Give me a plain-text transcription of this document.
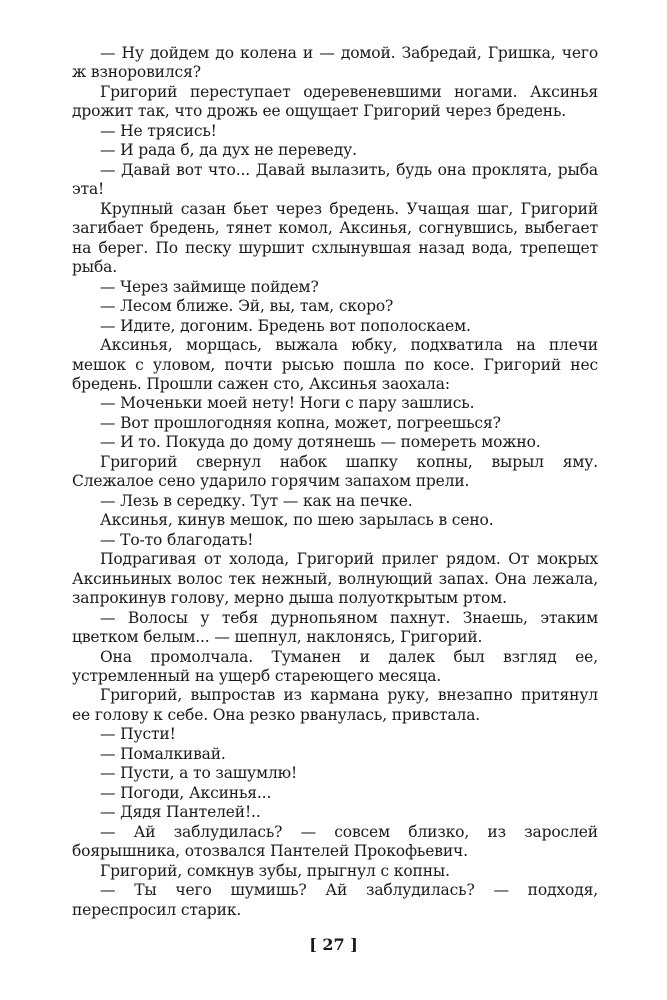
— Ну дойдем до колена и — домой. Забредай, Гришка, чего ж взноровился?

Григорий переступает одеревеневшими ногами. Аксинья дрожит так, что дрожь ее ощущает Григорий через бредень.

— Не трясись!

— И рада б, да дух не переведу.

— Давай вот что... Давай вылазить, будь она проклята, рыба эта!

Крупный сазан бьет через бредень. Учащая шаг, Григорий загибает бредень, тянет комол, Аксинья, согнувшись, выбегает на берег. По песку шуршит схлынувшая назад вода, трепещет рыба.

— Через займище пойдем?

— Лесом ближе. Эй, вы, там, скоро?

— Идите, догоним. Бредень вот пополоскаем.

Аксинья, морщась, выжала юбку, подхватила на плечи мешок с уловом, почти рысью пошла по косе. Григорий нес бредень. Прошли сажен сто, Аксинья заохала:

— Моченьки моей нету! Ноги с пару зашлись.

— Вот прошлогодняя копна, может, погреешься?

— И то. Покуда до дому дотянешь — помереть можно.

Григорий свернул набок шапку копны, вырыл яму. Слежалое сено ударило горячим запахом прели.

— Лезь в середку. Тут — как на печке.

Аксинья, кинув мешок, по шею зарылась в сено.

— То-то благодать!

Подрагивая от холода, Григорий прилег рядом. От мокрых Аксиньиных волос тек нежный, волнующий запах. Она лежала, запрокинув голову, мерно дыша полуоткрытым ртом.

— Волосы у тебя дурнопьяном пахнут. Знаешь, этаким цветком белым... — шепнул, наклонясь, Григорий.

Она промолчала. Туманен и далек был взгляд ее, устремленный на ущерб стареющего месяца.

Григорий, выпростав из кармана руку, внезапно притянул ее голову к себе. Она резко рванулась, привстала.

— Пусти!

— Помалкивай.

— Пусти, а то зашумлю!

— Погоди, Аксинья...

— Дядя Пантелей!..

— Ай заблудилась? — совсем близко, из зарослей боярышника, отозвался Пантелей Прокофьевич.

Григорий, сомкнув зубы, прыгнул с копны.

— Ты чего шумишь? Ай заблудилась? — подходя, переспросил старик.

[ 27 ]
